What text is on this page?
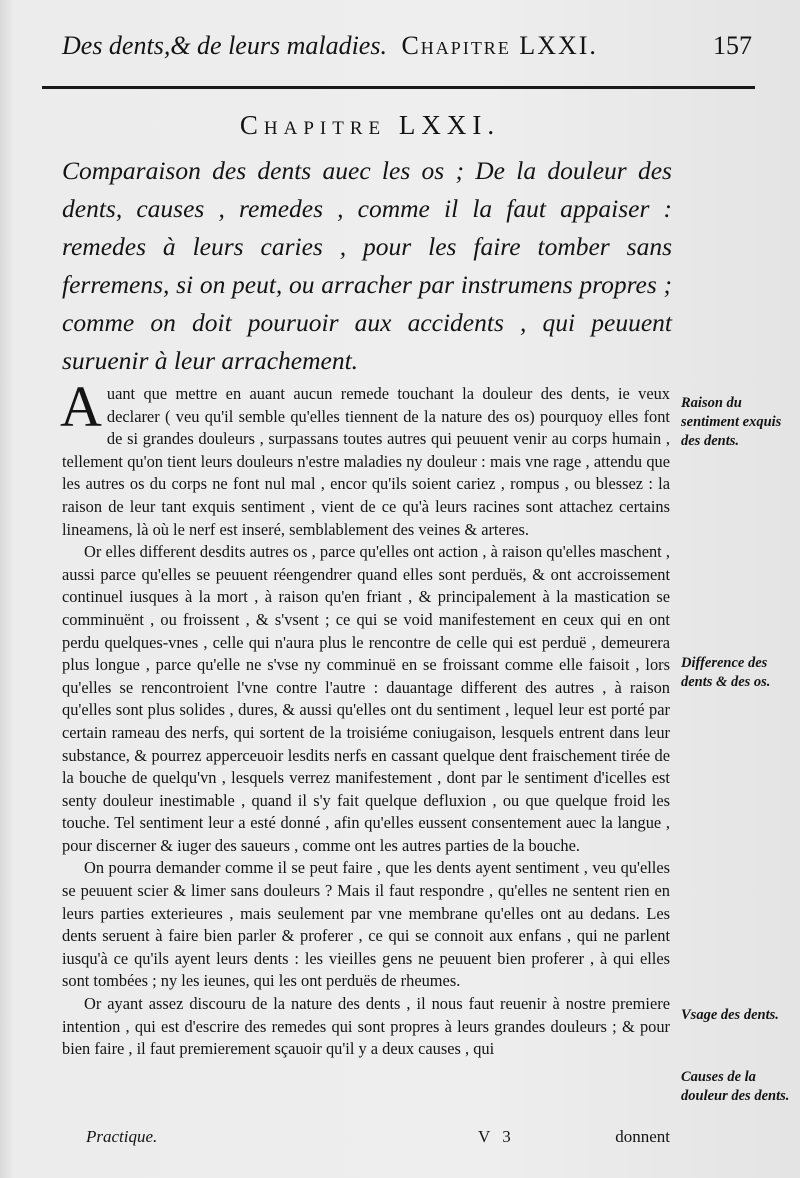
Des dents,& de leurs maladies. Chapitre LXXI.	157
Chapitre LXXI.

Comparaison des dents auec les os ; De la douleur des dents, causes , remedes , comme il la faut appaiser : remedes à leurs caries , pour les faire tomber sans ferremens, si on peut, ou arracher par instrumens propres ; comme on doit pouruoir aux accidents , qui peuuent suruenir à leur arrachement.

Auant que mettre en auant aucun remede touchant la douleur des dents, ie veux declarer ( veu qu'il semble qu'elles tiennent de la nature des os) pourquoy elles font de si grandes douleurs , surpassans toutes autres qui peuuent venir au corps humain , tellement qu'on tient leurs douleurs n'estre maladies ny douleur : mais vne rage , attendu que les autres os du corps ne font nul mal , encor qu'ils soient cariez , rompus , ou blessez : la raison de leur tant exquis sentiment , vient de ce qu'à leurs racines sont attachez certains lineamens, là où le nerf est inseré, semblablement des veines & arteres.

Or elles different desdits autres os , parce qu'elles ont action , à raison qu'elles maschent , aussi parce qu'elles se peuuent réengendrer quand elles sont perduës, & ont accroissement continuel iusques à la mort , à raison qu'en friant , & principalement à la mastication se comminuënt , ou froissent , & s'vsent ; ce qui se void manifestement en ceux qui en ont perdu quelques-vnes , celle qui n'aura plus le rencontre de celle qui est perduë , demeurera plus longue , parce qu'elle ne s'vse ny comminuë en se froissant comme elle faisoit , lors qu'elles se rencontroient l'vne contre l'autre : dauantage different des autres , à raison qu'elles sont plus solides , dures, & aussi qu'elles ont du sentiment , lequel leur est porté par certain rameau des nerfs, qui sortent de la troisiéme coniugaison, lesquels entrent dans leur substance, & pourrez apperceuoir lesdits nerfs en cassant quelque dent fraischement tirée de la bouche de quelqu'vn , lesquels verrez manifestement , dont par le sentiment d'icelles est senty douleur inestimable , quand il s'y fait quelque defluxion , ou que quelque froid les touche. Tel sentiment leur a esté donné , afin qu'elles eussent consentement auec la langue , pour discerner & iuger des saueurs , comme ont les autres parties de la bouche.

On pourra demander comme il se peut faire , que les dents ayent sentiment , veu qu'elles se peuuent scier & limer sans douleurs ? Mais il faut respondre , qu'elles ne sentent rien en leurs parties exterieures , mais seulement par vne membrane qu'elles ont au dedans. Les dents seruent à faire bien parler & proferer , ce qui se connoit aux enfans , qui ne parlent iusqu'à ce qu'ils ayent leurs dents : les vieilles gens ne peuuent bien proferer , à qui elles sont tombées ; ny les ieunes, qui les ont perduës de rheumes.

Or ayant assez discouru de la nature des dents , il nous faut reuenir à nostre premiere intention , qui est d'escrire des remedes qui sont propres à leurs grandes douleurs ; & pour bien faire , il faut premierement sçauoir qu'il y a deux causes , qui

Raison du sentiment exquis des dents.

Difference des dents & des os.

Vsage des dents.

Causes de la douleur des dents.

Practique.	V 3	donnent
